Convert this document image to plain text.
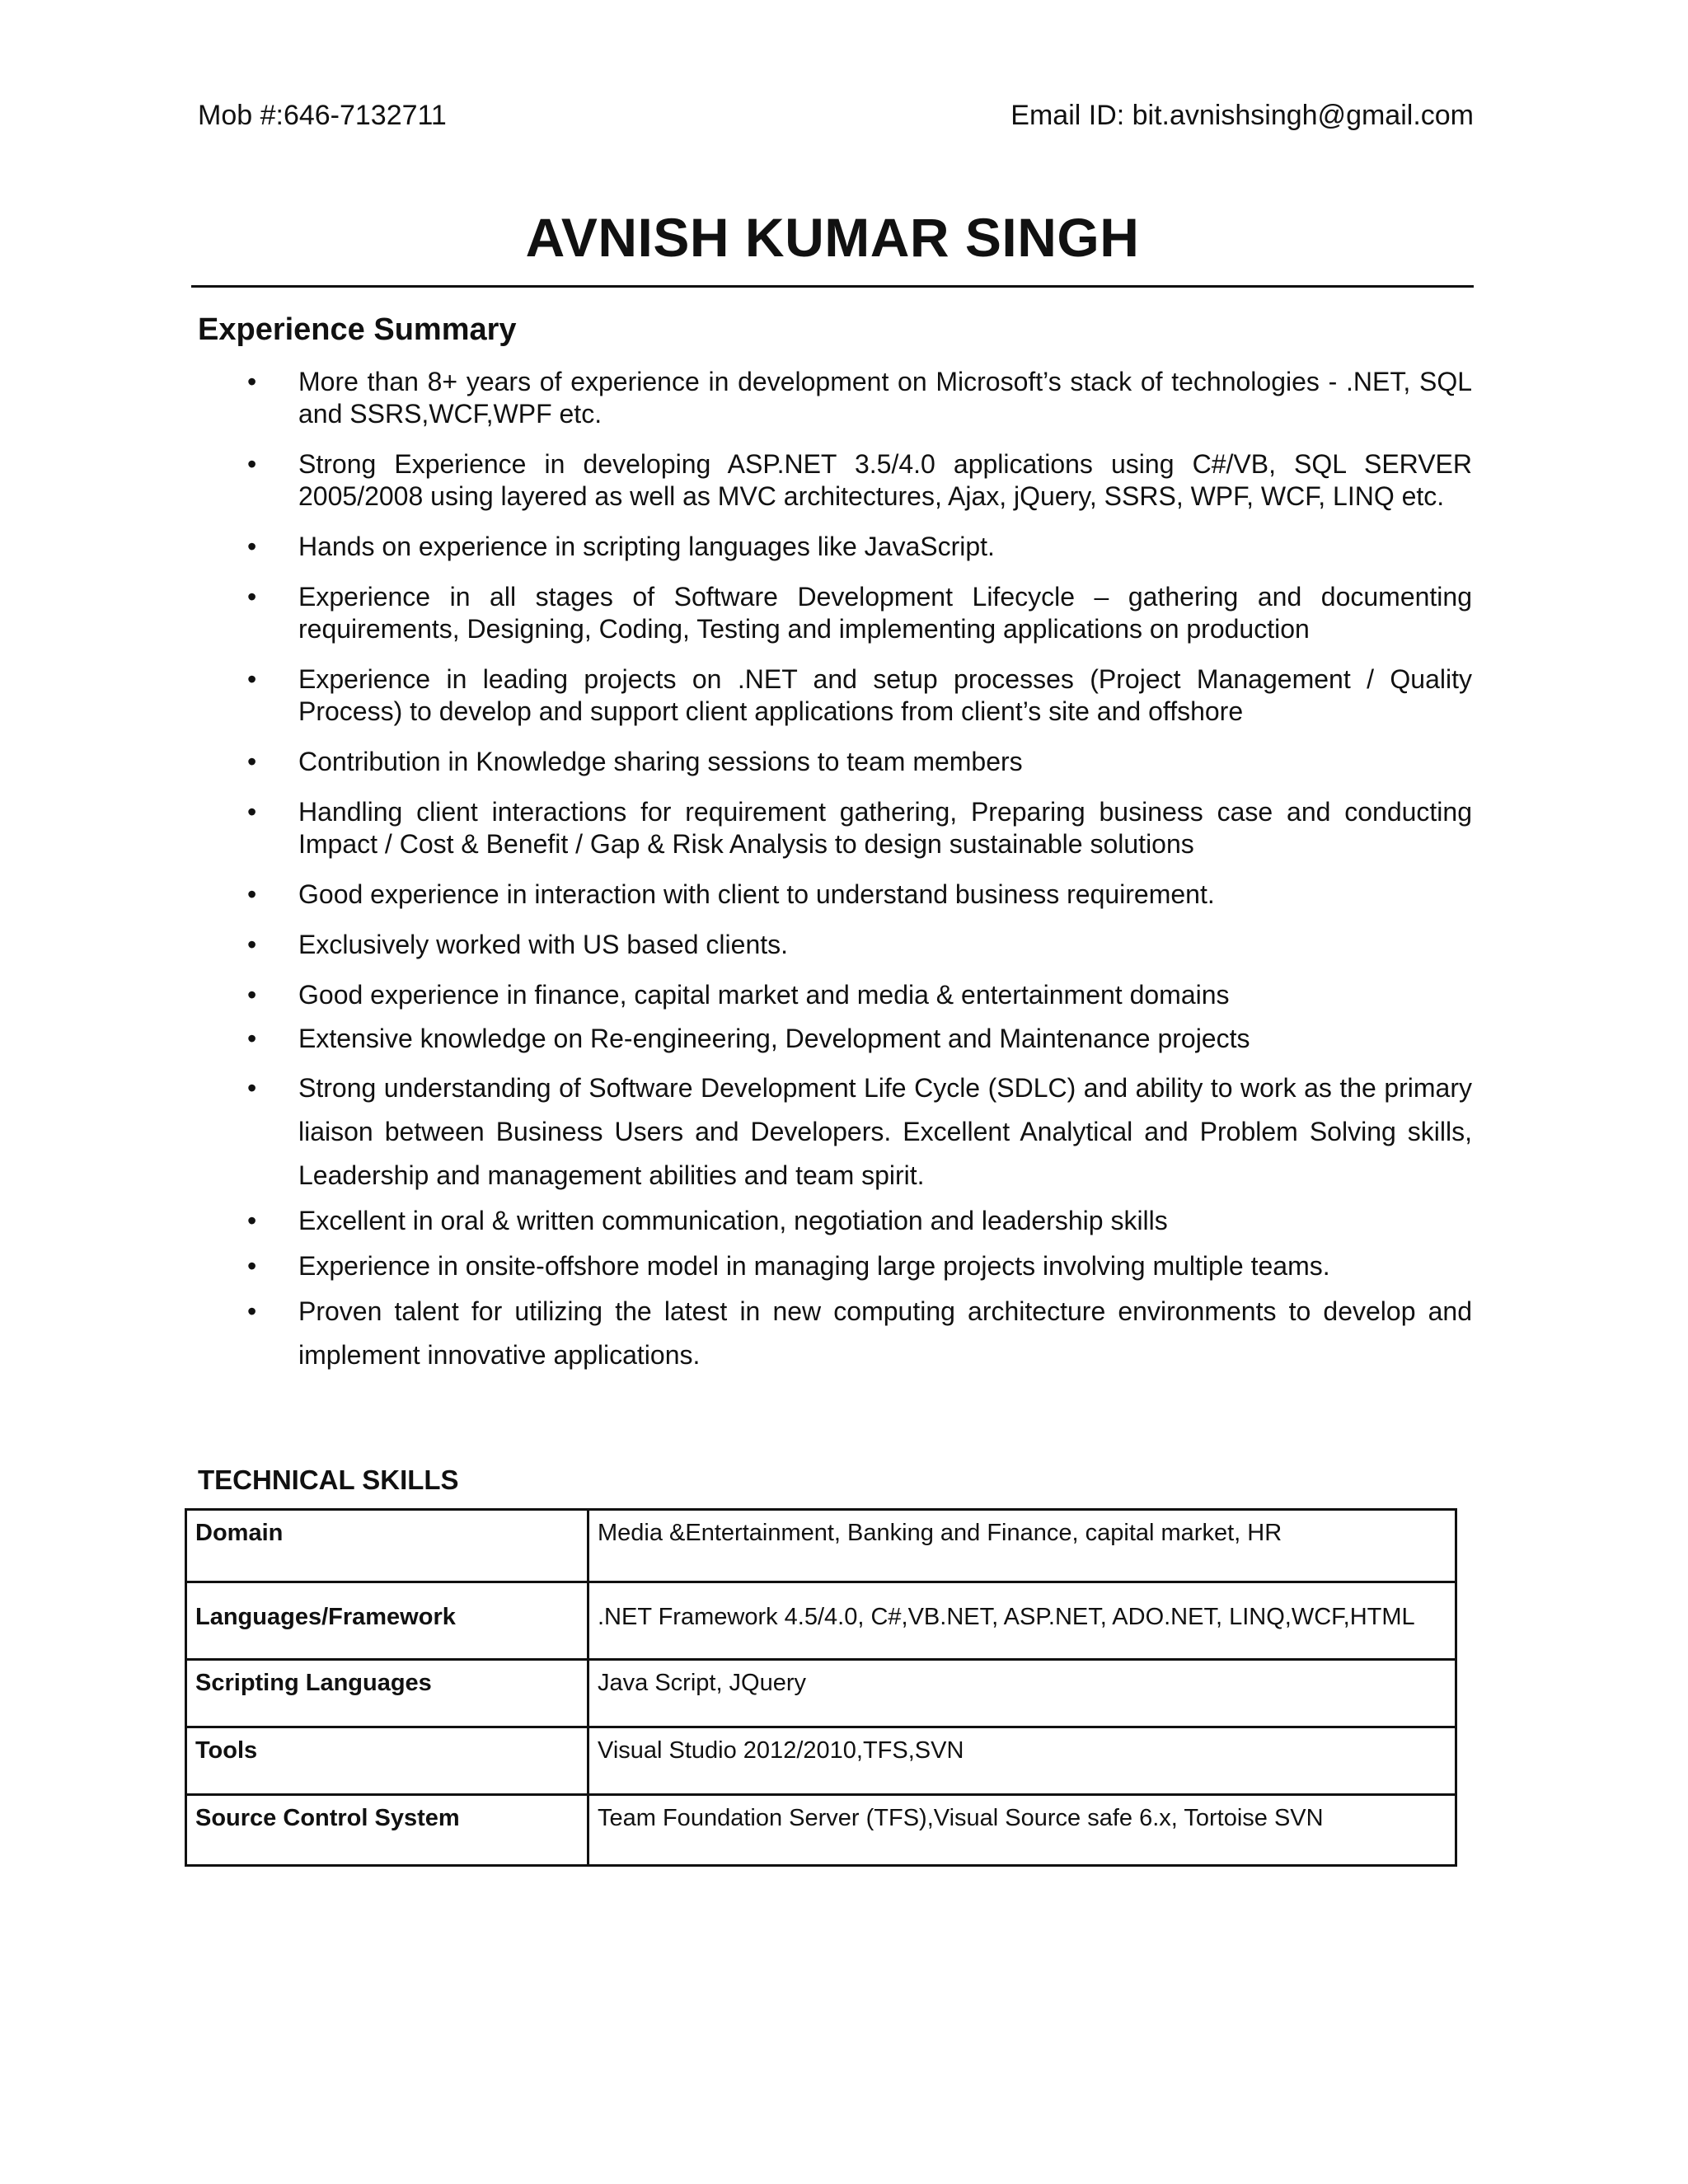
Mob #:646-7132711	Email ID: bit.avnishsingh@gmail.com
AVNISH KUMAR SINGH
Experience Summary
•	More than 8+ years of experience in development on Microsoft’s stack of technologies - .NET, SQL and SSRS,WCF,WPF etc.
•	Strong Experience in developing ASP.NET 3.5/4.0 applications using C#/VB, SQL SERVER 2005/2008 using layered as well as MVC architectures, Ajax, jQuery, SSRS, WPF, WCF, LINQ etc.
•	Hands on experience in scripting languages like JavaScript.
•	Experience in all stages of Software Development Lifecycle – gathering and documenting requirements, Designing, Coding, Testing and implementing applications on production
•	Experience in leading projects on .NET and setup processes (Project Management / Quality Process) to develop and support client applications from client’s site and offshore
•	Contribution in Knowledge sharing sessions to team members
•	Handling client interactions for requirement gathering, Preparing business case and conducting Impact / Cost & Benefit / Gap & Risk Analysis to design sustainable solutions
•	Good experience in interaction with client to understand business requirement.
•	Exclusively worked with US based clients.
•	Good experience in finance, capital market and media & entertainment domains
•	Extensive knowledge on Re-engineering, Development and Maintenance projects
•	Strong understanding of Software Development Life Cycle (SDLC) and ability to work as the primary liaison between Business Users and Developers. Excellent Analytical and Problem Solving skills, Leadership and management abilities and team spirit.
•	Excellent in oral & written communication, negotiation and leadership skills
•	Experience in onsite-offshore model in managing large projects involving multiple teams.
•	Proven talent for utilizing the latest in new computing architecture environments to develop and implement innovative applications.
TECHNICAL SKILLS
Domain	Media &Entertainment, Banking and Finance, capital market, HR
Languages/Framework	.NET Framework 4.5/4.0, C#,VB.NET, ASP.NET, ADO.NET, LINQ,WCF,HTML
Scripting Languages	Java Script, JQuery
Tools	Visual Studio 2012/2010,TFS,SVN
Source Control System	Team Foundation Server (TFS),Visual Source safe 6.x, Tortoise SVN
